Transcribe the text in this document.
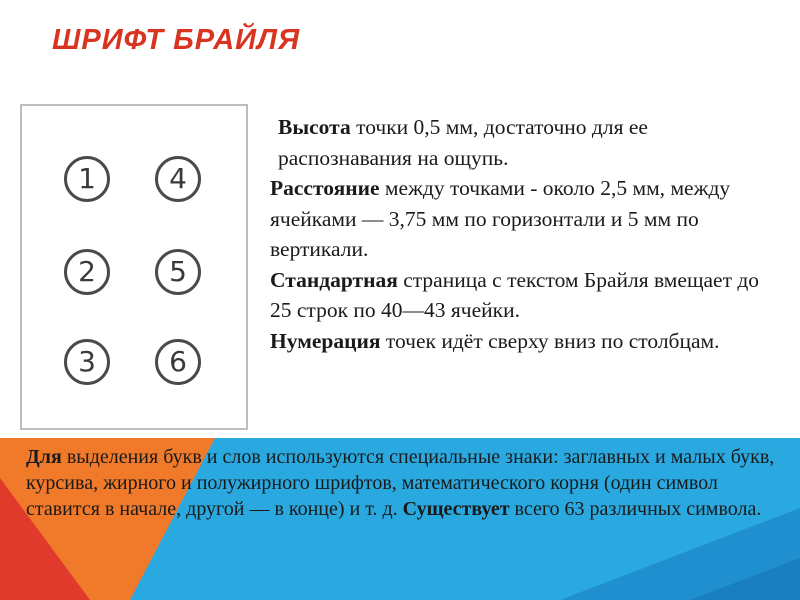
ШРИФТ БРАЙЛЯ
1
2
3
4
5
6

Высота точки 0,5 мм, достаточно для ее распознавания на ощупь.

Расстояние между точками - около 2,5 мм, между ячейками — 3,75 мм по горизонтали и 5 мм по вертикали.

Стандартная страница с текстом Брайля вмещает до 25 строк по 40—43 ячейки.

Нумерация точек идёт сверху вниз по столбцам.

Для выделения букв и слов используются специальные знаки: заглавных и малых букв, курсива, жирного и полужирного шрифтов, математического корня (один символ ставится в начале, другой — в конце) и т. д. Существует всего 63 различных символа.
